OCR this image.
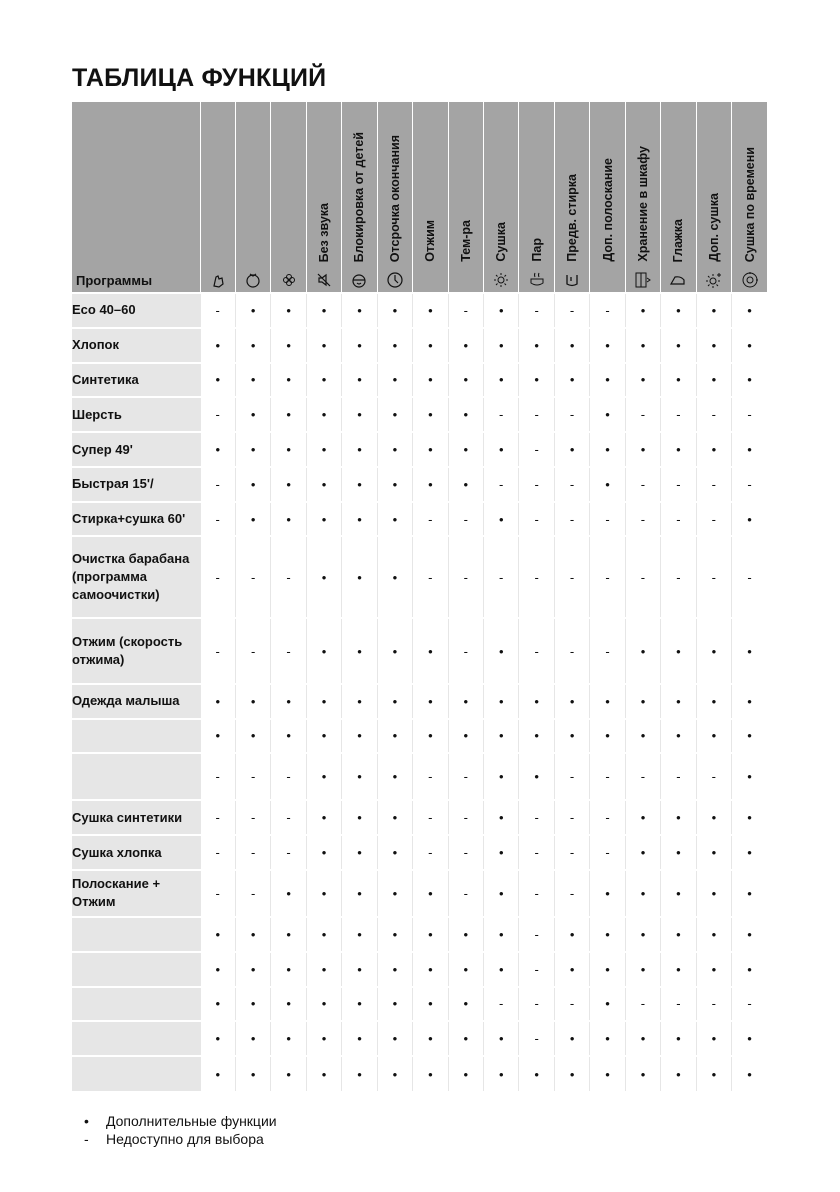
ТАБЛИЦА ФУНКЦИЙ
Программы				Без звука	Блокировка от детей	Отсрочка окончания	Отжим	Тем-ра	Сушка	Пар	Предв. стирка	Доп. полоскание	Хранение в шкафу	Глажка	Доп. сушка	Сушка по времени

Eco 40–60	-	•	•	•	•	•	•	-	•	-	-	-	•	•	•	•
Хлопок	•	•	•	•	•	•	•	•	•	•	•	•	•	•	•	•
Синтетика	•	•	•	•	•	•	•	•	•	•	•	•	•	•	•	•
Шерсть	-	•	•	•	•	•	•	•	-	-	-	•	-	-	-	-
Супер 49'	•	•	•	•	•	•	•	•	•	-	•	•	•	•	•	•
Быстрая 15'/	-	•	•	•	•	•	•	•	-	-	-	•	-	-	-	-
Стирка+сушка 60'	-	•	•	•	•	•	-	-	•	-	-	-	-	-	-	•
Очистка барабана (программа самоочистки)	-	-	-	•	•	•	-	-	-	-	-	-	-	-	-	-
Отжим (скорость отжима)	-	-	-	•	•	•	•	-	•	-	-	-	•	•	•	•
Одежда малыша	•	•	•	•	•	•	•	•	•	•	•	•	•	•	•	•
	•	•	•	•	•	•	•	•	•	•	•	•	•	•	•	•
	-	-	-	•	•	•	-	-	•	•	-	-	-	-	-	•
Сушка синтетики	-	-	-	•	•	•	-	-	•	-	-	-	•	•	•	•
Сушка хлопка	-	-	-	•	•	•	-	-	•	-	-	-	•	•	•	•
Полоскание + Отжим	-	-	•	•	•	•	•	-	•	-	-	•	•	•	•	•
	•	•	•	•	•	•	•	•	•	-	•	•	•	•	•	•
	•	•	•	•	•	•	•	•	•	-	•	•	•	•	•	•
	•	•	•	•	•	•	•	•	-	-	-	•	-	-	-	-
	•	•	•	•	•	•	•	•	•	-	•	•	•	•	•	•
	•	•	•	•	•	•	•	•	•	•	•	•	•	•	•	•
•	Дополнительные функции
-	Недоступно для выбора
